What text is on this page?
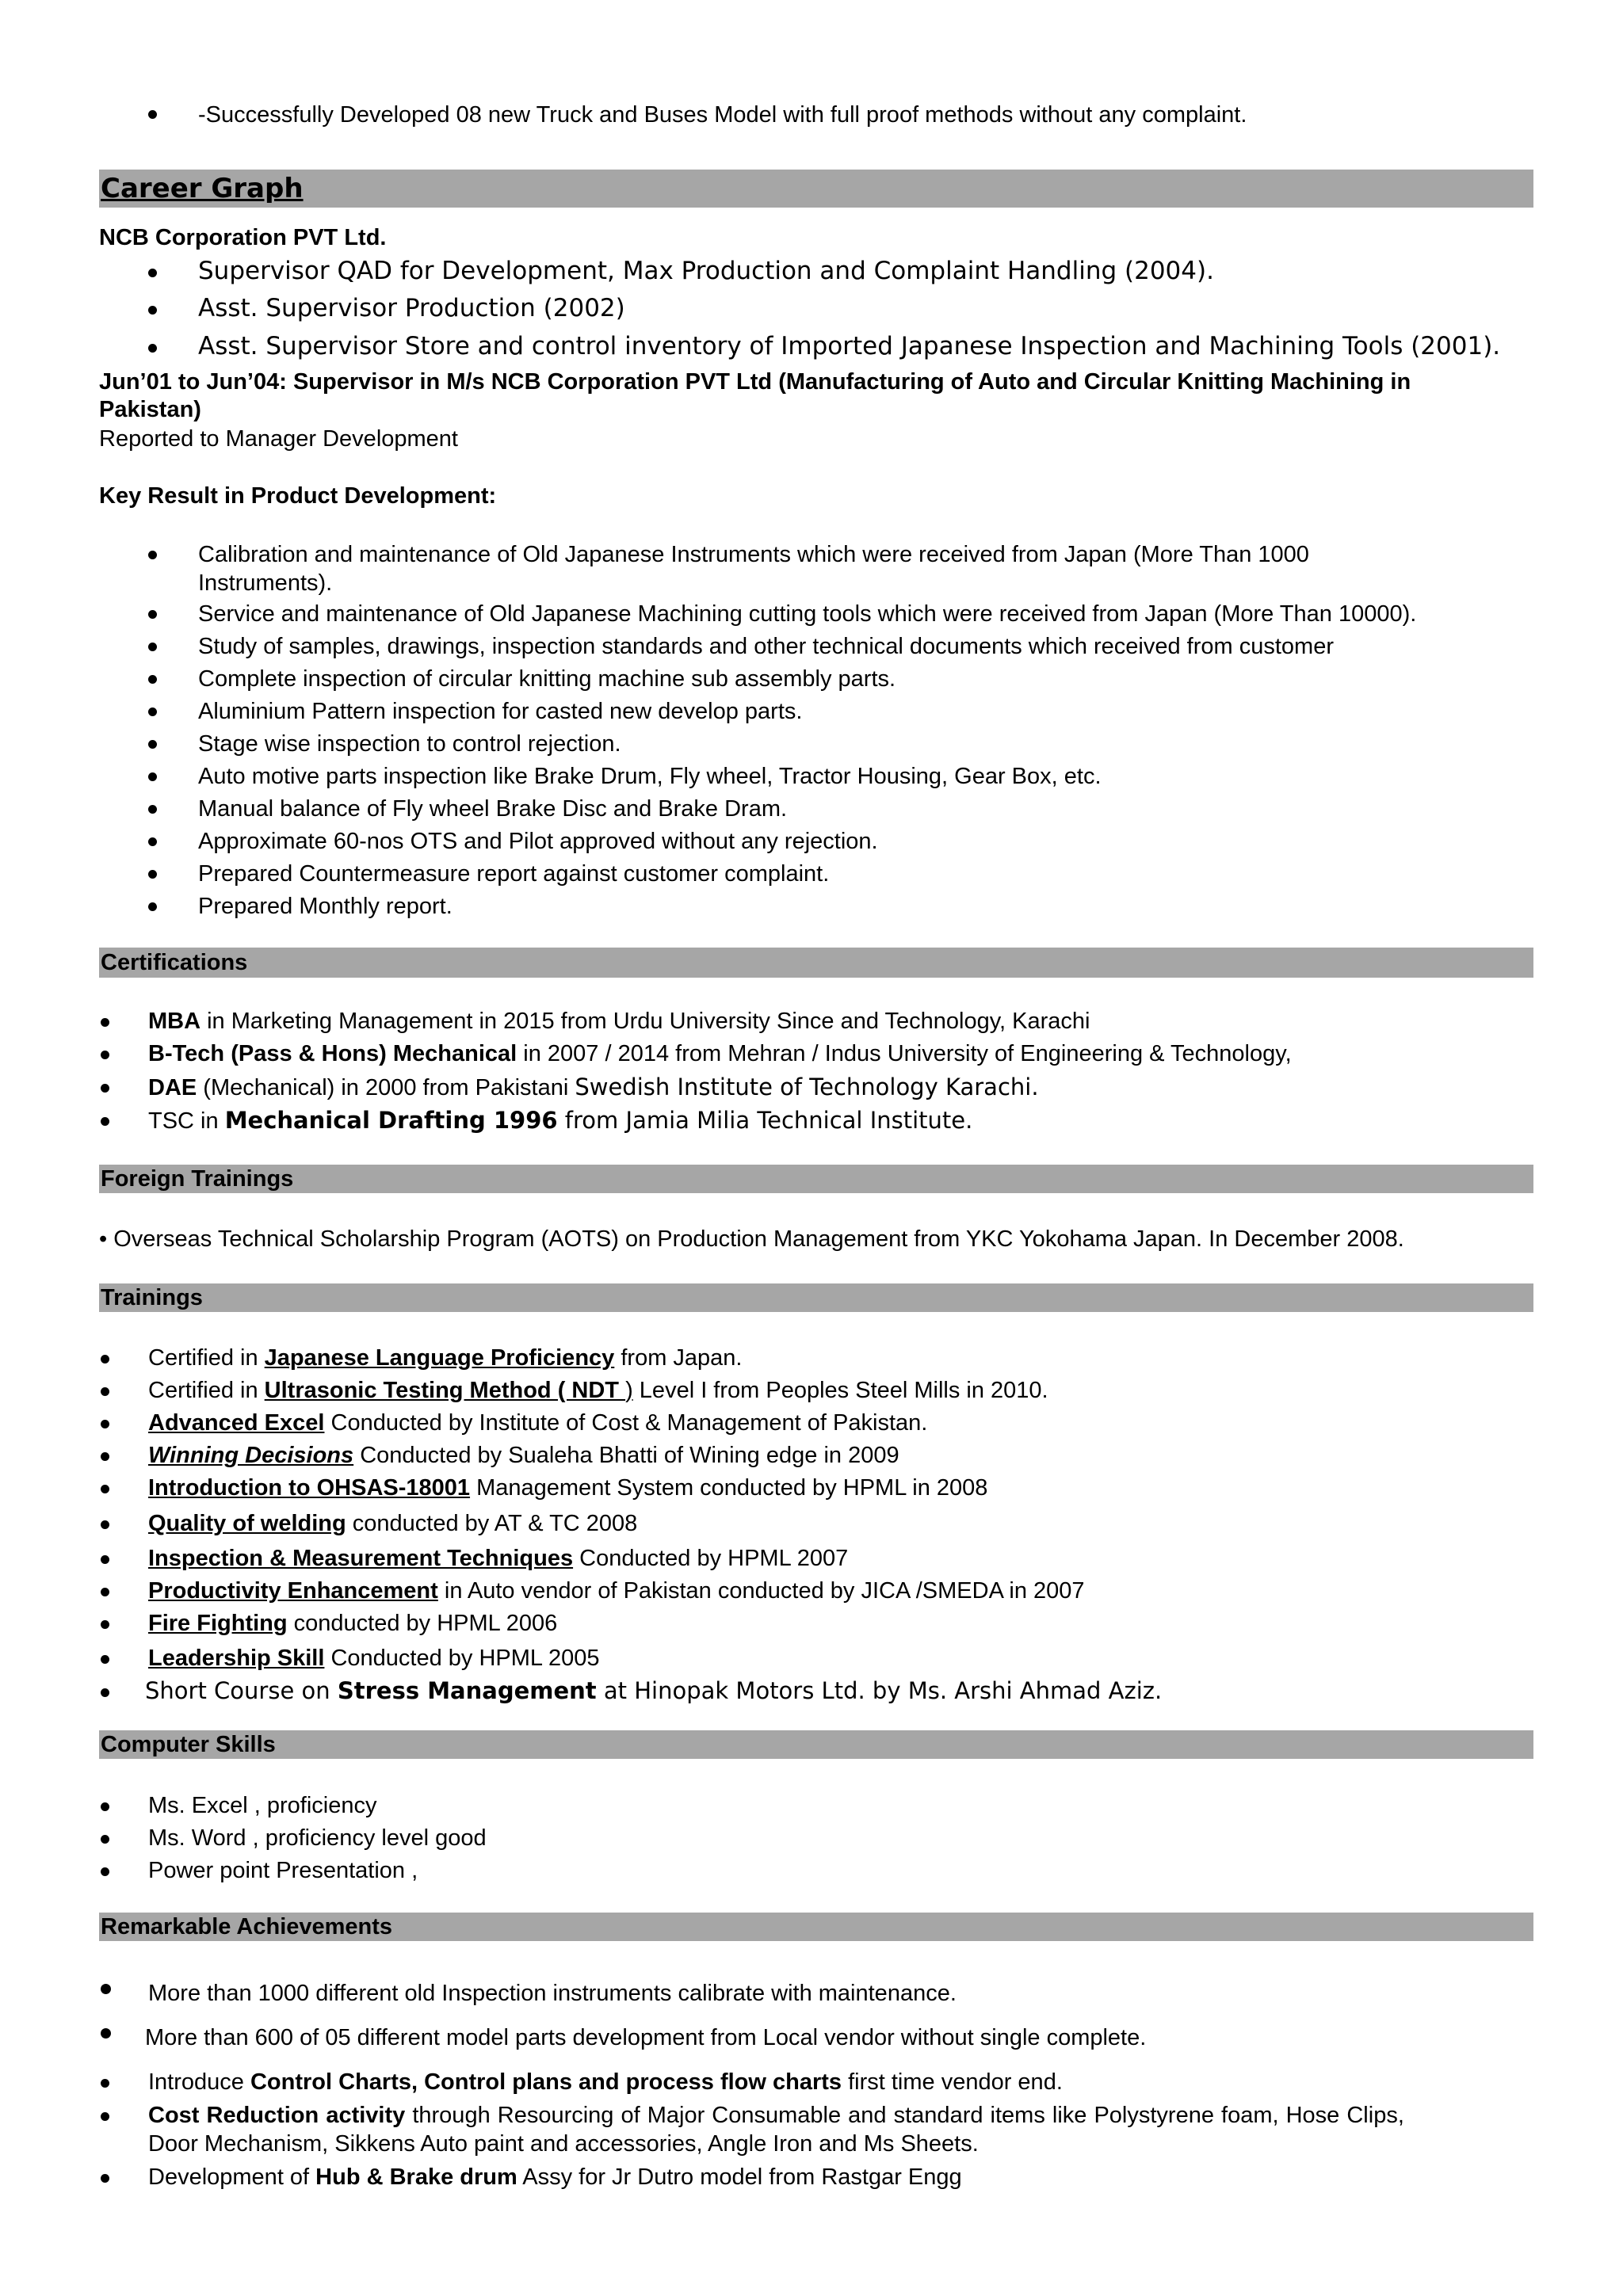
-Successfully Developed 08 new Truck and Buses Model with full proof methods without any complaint.
Career Graph
NCB Corporation PVT Ltd.
Supervisor QAD for Development, Max Production and Complaint Handling (2004).
Asst. Supervisor Production (2002)
Asst. Supervisor Store and control inventory of Imported Japanese Inspection and Machining Tools (2001).
Jun’01 to Jun’04: Supervisor in M/s NCB Corporation PVT Ltd (Manufacturing of Auto and Circular Knitting Machining in
Pakistan)
Reported to Manager Development
Key Result in Product Development:
Calibration and maintenance of Old Japanese Instruments which were received from Japan (More Than 1000
Instruments).
Service and maintenance of Old Japanese Machining cutting tools which were received from Japan (More Than 10000).
Study of samples, drawings, inspection standards and other technical documents which received from customer
Complete inspection of circular knitting machine sub assembly parts.
Aluminium Pattern inspection for casted new develop parts.
Stage wise inspection to control rejection.
Auto motive parts inspection like Brake Drum, Fly wheel, Tractor Housing, Gear Box, etc.
Manual balance of Fly wheel Brake Disc and Brake Dram.
Approximate 60-nos OTS and Pilot approved without any rejection.
Prepared Countermeasure report against customer complaint.
Prepared Monthly report.
Certifications
MBA in Marketing Management in 2015 from Urdu University Since and Technology, Karachi
B-Tech (Pass & Hons) Mechanical in 2007 / 2014 from Mehran / Indus University of Engineering & Technology,
DAE (Mechanical) in 2000 from Pakistani Swedish Institute of Technology Karachi.
TSC in Mechanical Drafting 1996 from Jamia Milia Technical Institute.
Foreign Trainings
• Overseas Technical Scholarship Program (AOTS) on Production Management from YKC Yokohama Japan. In December 2008.
Trainings
Certified in Japanese Language Proficiency from Japan.
Certified in Ultrasonic Testing Method ( NDT ) Level I from Peoples Steel Mills in 2010.
Advanced Excel Conducted by Institute of Cost & Management of Pakistan.
Winning Decisions Conducted by Sualeha Bhatti of Wining edge in 2009
Introduction to OHSAS-18001 Management System conducted by HPML in 2008
Quality of welding conducted by AT & TC 2008
Inspection & Measurement Techniques Conducted by HPML 2007
Productivity Enhancement in Auto vendor of Pakistan conducted by JICA /SMEDA in 2007
Fire Fighting conducted by HPML 2006
Leadership Skill Conducted by HPML 2005
Short Course on Stress Management at Hinopak Motors Ltd. by Ms. Arshi Ahmad Aziz.
Computer Skills
Ms. Excel , proficiency
Ms. Word , proficiency level good
Power point Presentation ,
Remarkable Achievements
More than 1000 different old Inspection instruments calibrate with maintenance.
More than 600 of 05 different model parts development from Local vendor without single complete.
Introduce Control Charts, Control plans and process flow charts first time vendor end.
Cost Reduction activity through Resourcing of Major Consumable and standard items like Polystyrene foam, Hose Clips,
Door Mechanism, Sikkens Auto paint and accessories, Angle Iron and Ms Sheets.
Development of Hub & Brake drum Assy for Jr Dutro model from Rastgar Engg
